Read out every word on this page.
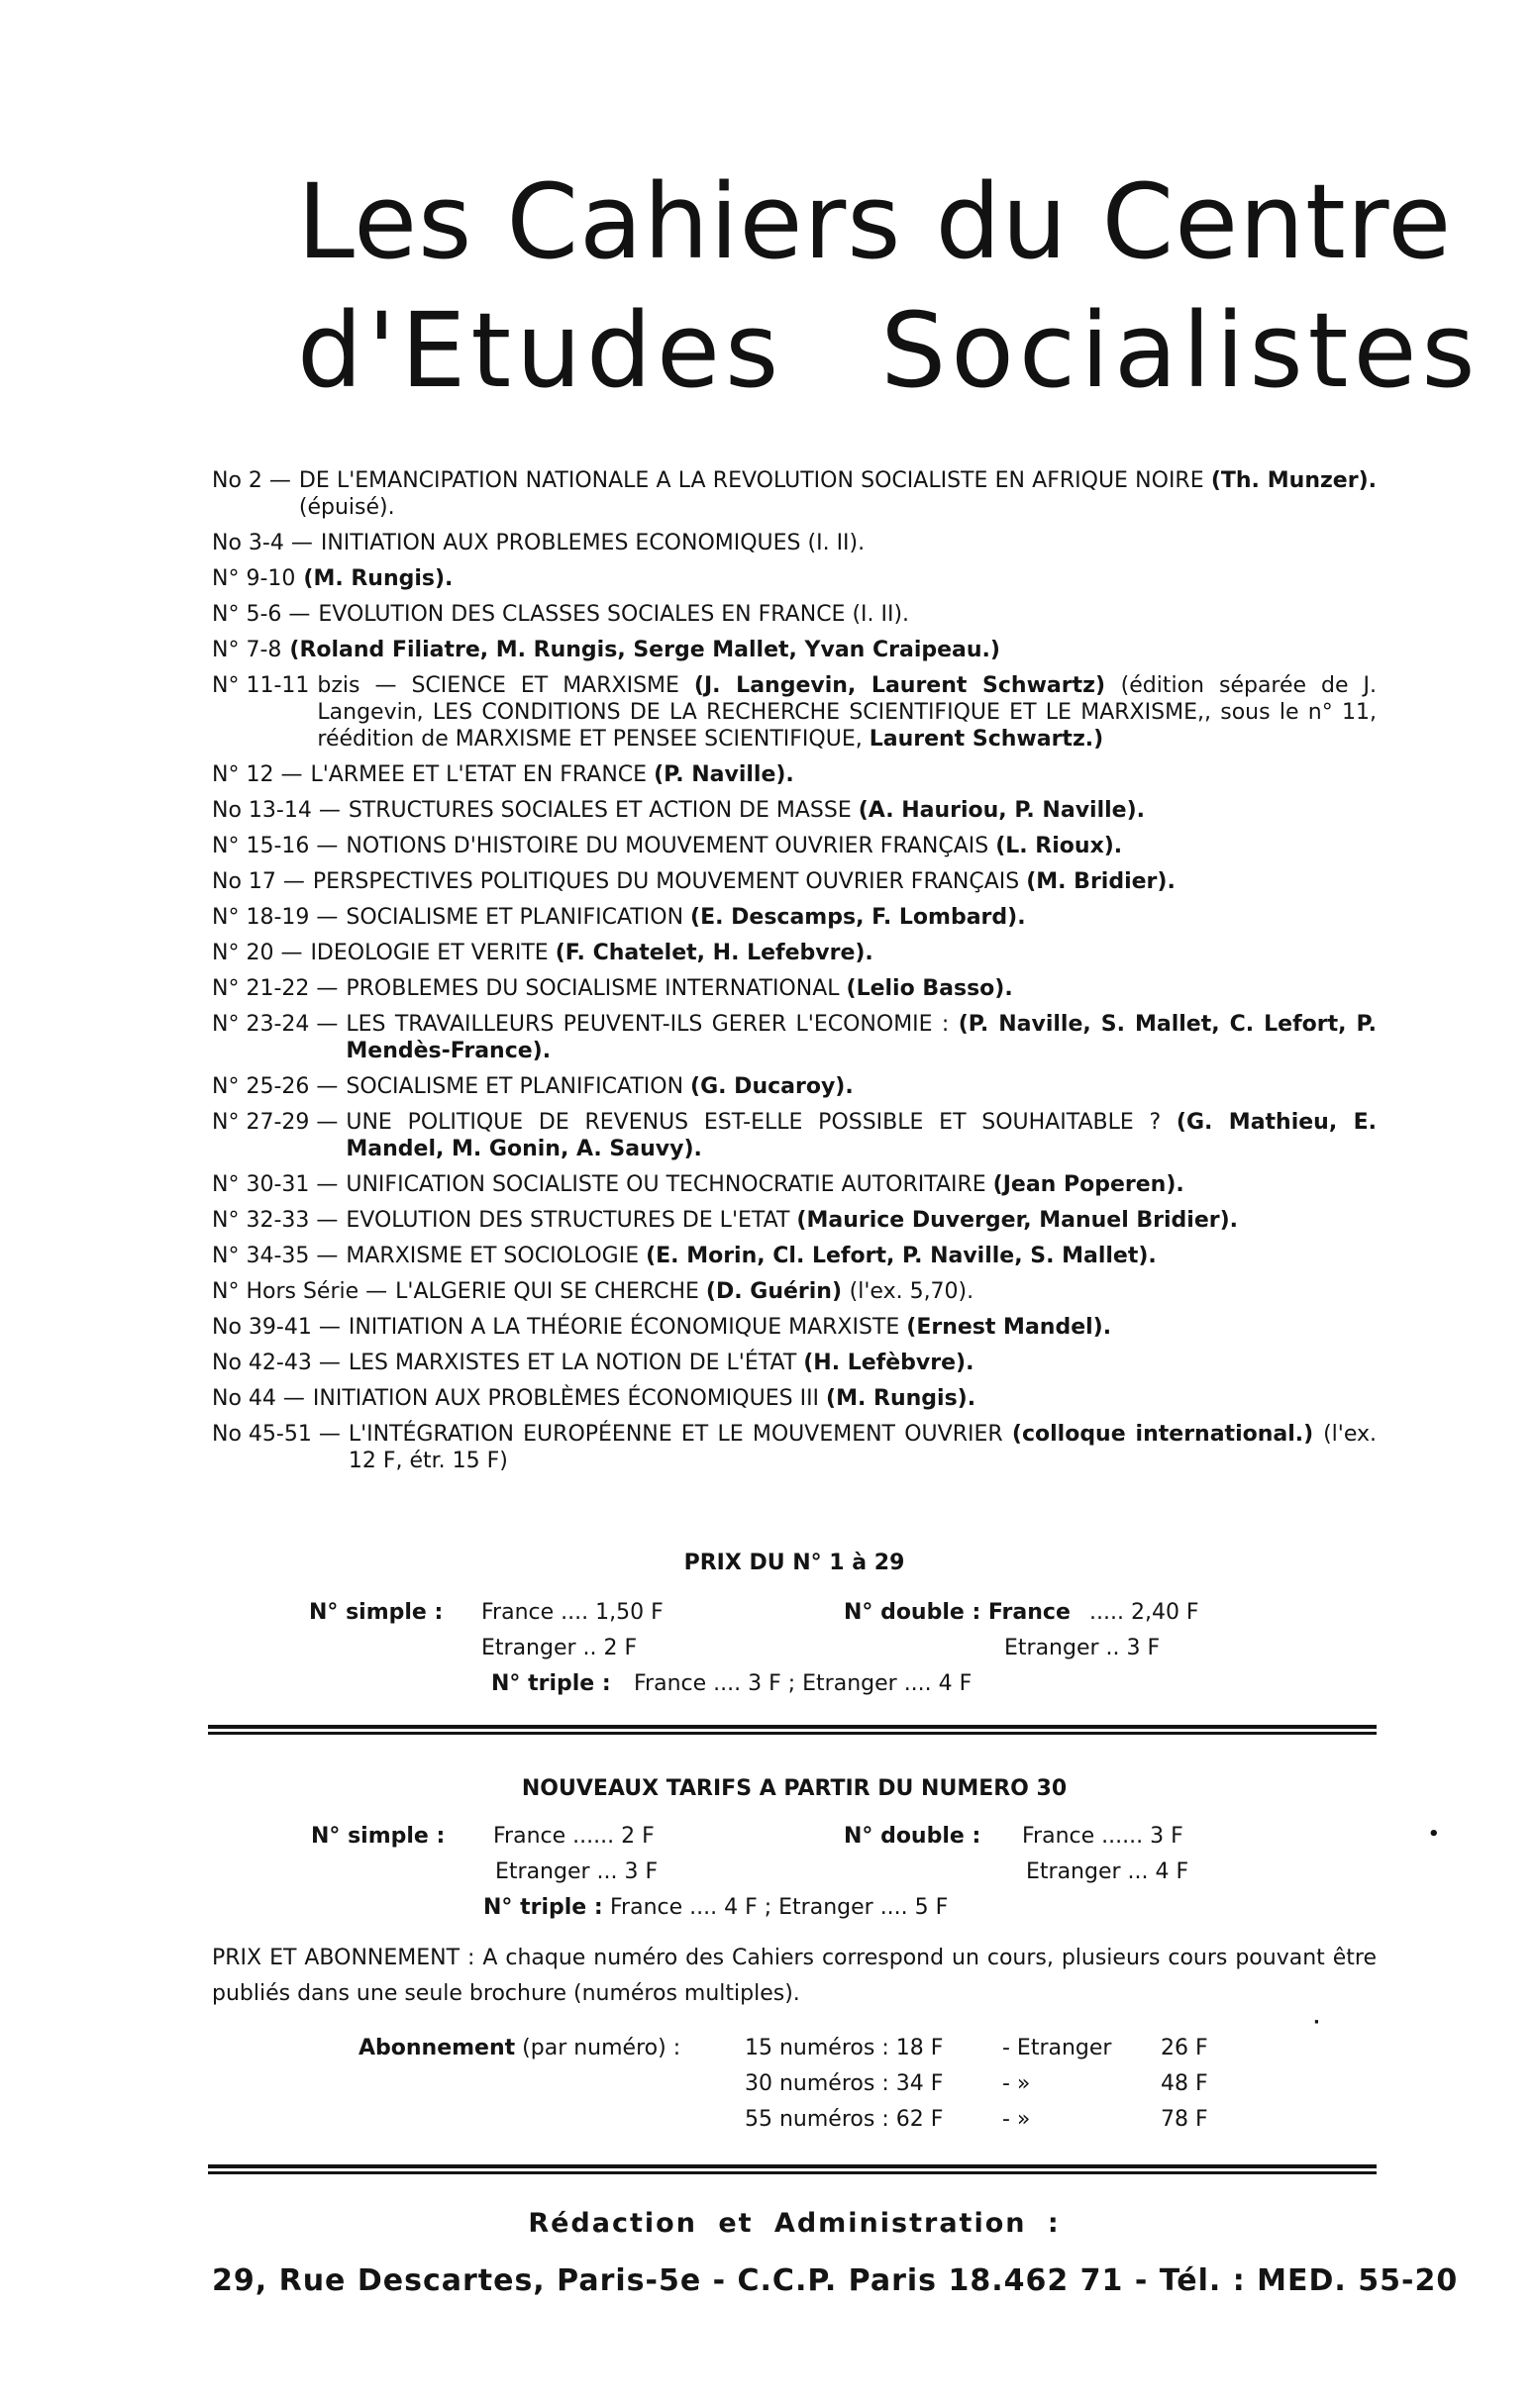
Les Cahiers du Centre
d'Etudes Socialistes
No 2 — DE L'EMANCIPATION NATIONALE A LA REVOLUTION SOCIALISTE EN AFRIQUE NOIRE (Th. Munzer). (épuisé).
No 3-4 — INITIATION AUX PROBLEMES ECONOMIQUES (I. II).
N° 9-10 (M. Rungis).
N° 5-6 — EVOLUTION DES CLASSES SOCIALES EN FRANCE (I. II).
N° 7-8 (Roland Filiatre, M. Rungis, Serge Mallet, Yvan Craipeau.)
N° 11-11 bzis — SCIENCE ET MARXISME (J. Langevin, Laurent Schwartz) (édition séparée de J. Langevin, LES CONDITIONS DE LA RECHERCHE SCIENTIFIQUE ET LE MARXISME,, sous le n° 11, réédition de MARXISME ET PENSEE SCIENTIFIQUE, Laurent Schwartz.)
N° 12 — L'ARMEE ET L'ETAT EN FRANCE (P. Naville).
No 13-14 — STRUCTURES SOCIALES ET ACTION DE MASSE (A. Hauriou, P. Naville).
N° 15-16 — NOTIONS D'HISTOIRE DU MOUVEMENT OUVRIER FRANÇAIS (L. Rioux).
No 17 — PERSPECTIVES POLITIQUES DU MOUVEMENT OUVRIER FRANÇAIS (M. Bridier).
N° 18-19 — SOCIALISME ET PLANIFICATION (E. Descamps, F. Lombard).
N° 20 — IDEOLOGIE ET VERITE (F. Chatelet, H. Lefebvre).
N° 21-22 — PROBLEMES DU SOCIALISME INTERNATIONAL (Lelio Basso).
N° 23-24 — LES TRAVAILLEURS PEUVENT-ILS GERER L'ECONOMIE : (P. Naville, S. Mallet, C. Lefort, P. Mendès-France).
N° 25-26 — SOCIALISME ET PLANIFICATION (G. Ducaroy).
N° 27-29 — UNE POLITIQUE DE REVENUS EST-ELLE POSSIBLE ET SOUHAITABLE ? (G. Mathieu, E. Mandel, M. Gonin, A. Sauvy).
N° 30-31 — UNIFICATION SOCIALISTE OU TECHNOCRATIE AUTORITAIRE (Jean Poperen).
N° 32-33 — EVOLUTION DES STRUCTURES DE L'ETAT (Maurice Duverger, Manuel Bridier).
N° 34-35 — MARXISME ET SOCIOLOGIE (E. Morin, Cl. Lefort, P. Naville, S. Mallet).
N° Hors Série — L'ALGERIE QUI SE CHERCHE (D. Guérin) (l'ex. 5,70).
No 39-41 — INITIATION A LA THÉORIE ÉCONOMIQUE MARXISTE (Ernest Mandel).
No 42-43 — LES MARXISTES ET LA NOTION DE L'ÉTAT (H. Lefèbvre).
No 44 — INITIATION AUX PROBLÈMES ÉCONOMIQUES III (M. Rungis).
No 45-51 — L'INTÉGRATION EUROPÉENNE ET LE MOUVEMENT OUVRIER (colloque international.) (l'ex. 12 F, étr. 15 F)
PRIX DU N° 1 à 29
N° simple : France .... 1,50 F
Etranger .. 2 F
N° double : France ..... 2,40 F
Etranger .. 3 F
N° triple : France .... 3 F ; Etranger .... 4 F
NOUVEAUX TARIFS A PARTIR DU NUMERO 30
N° simple : France ...... 2 F
Etranger ... 3 F
N° double : France ...... 3 F
Etranger ... 4 F
N° triple : France .... 4 F ; Etranger .... 5 F
PRIX ET ABONNEMENT : A chaque numéro des Cahiers correspond un cours, plusieurs cours pouvant être publiés dans une seule brochure (numéros multiples).
Abonnement (par numéro) :	15 numéros : 18 F	- Etranger 26 F
30 numéros : 34 F	- »	48 F
55 numéros : 62 F	- »	78 F
Rédaction et Administration :
29, Rue Descartes, Paris-5e - C.C.P. Paris 18.462 71 - Tél. : MED. 55-20
•
·
